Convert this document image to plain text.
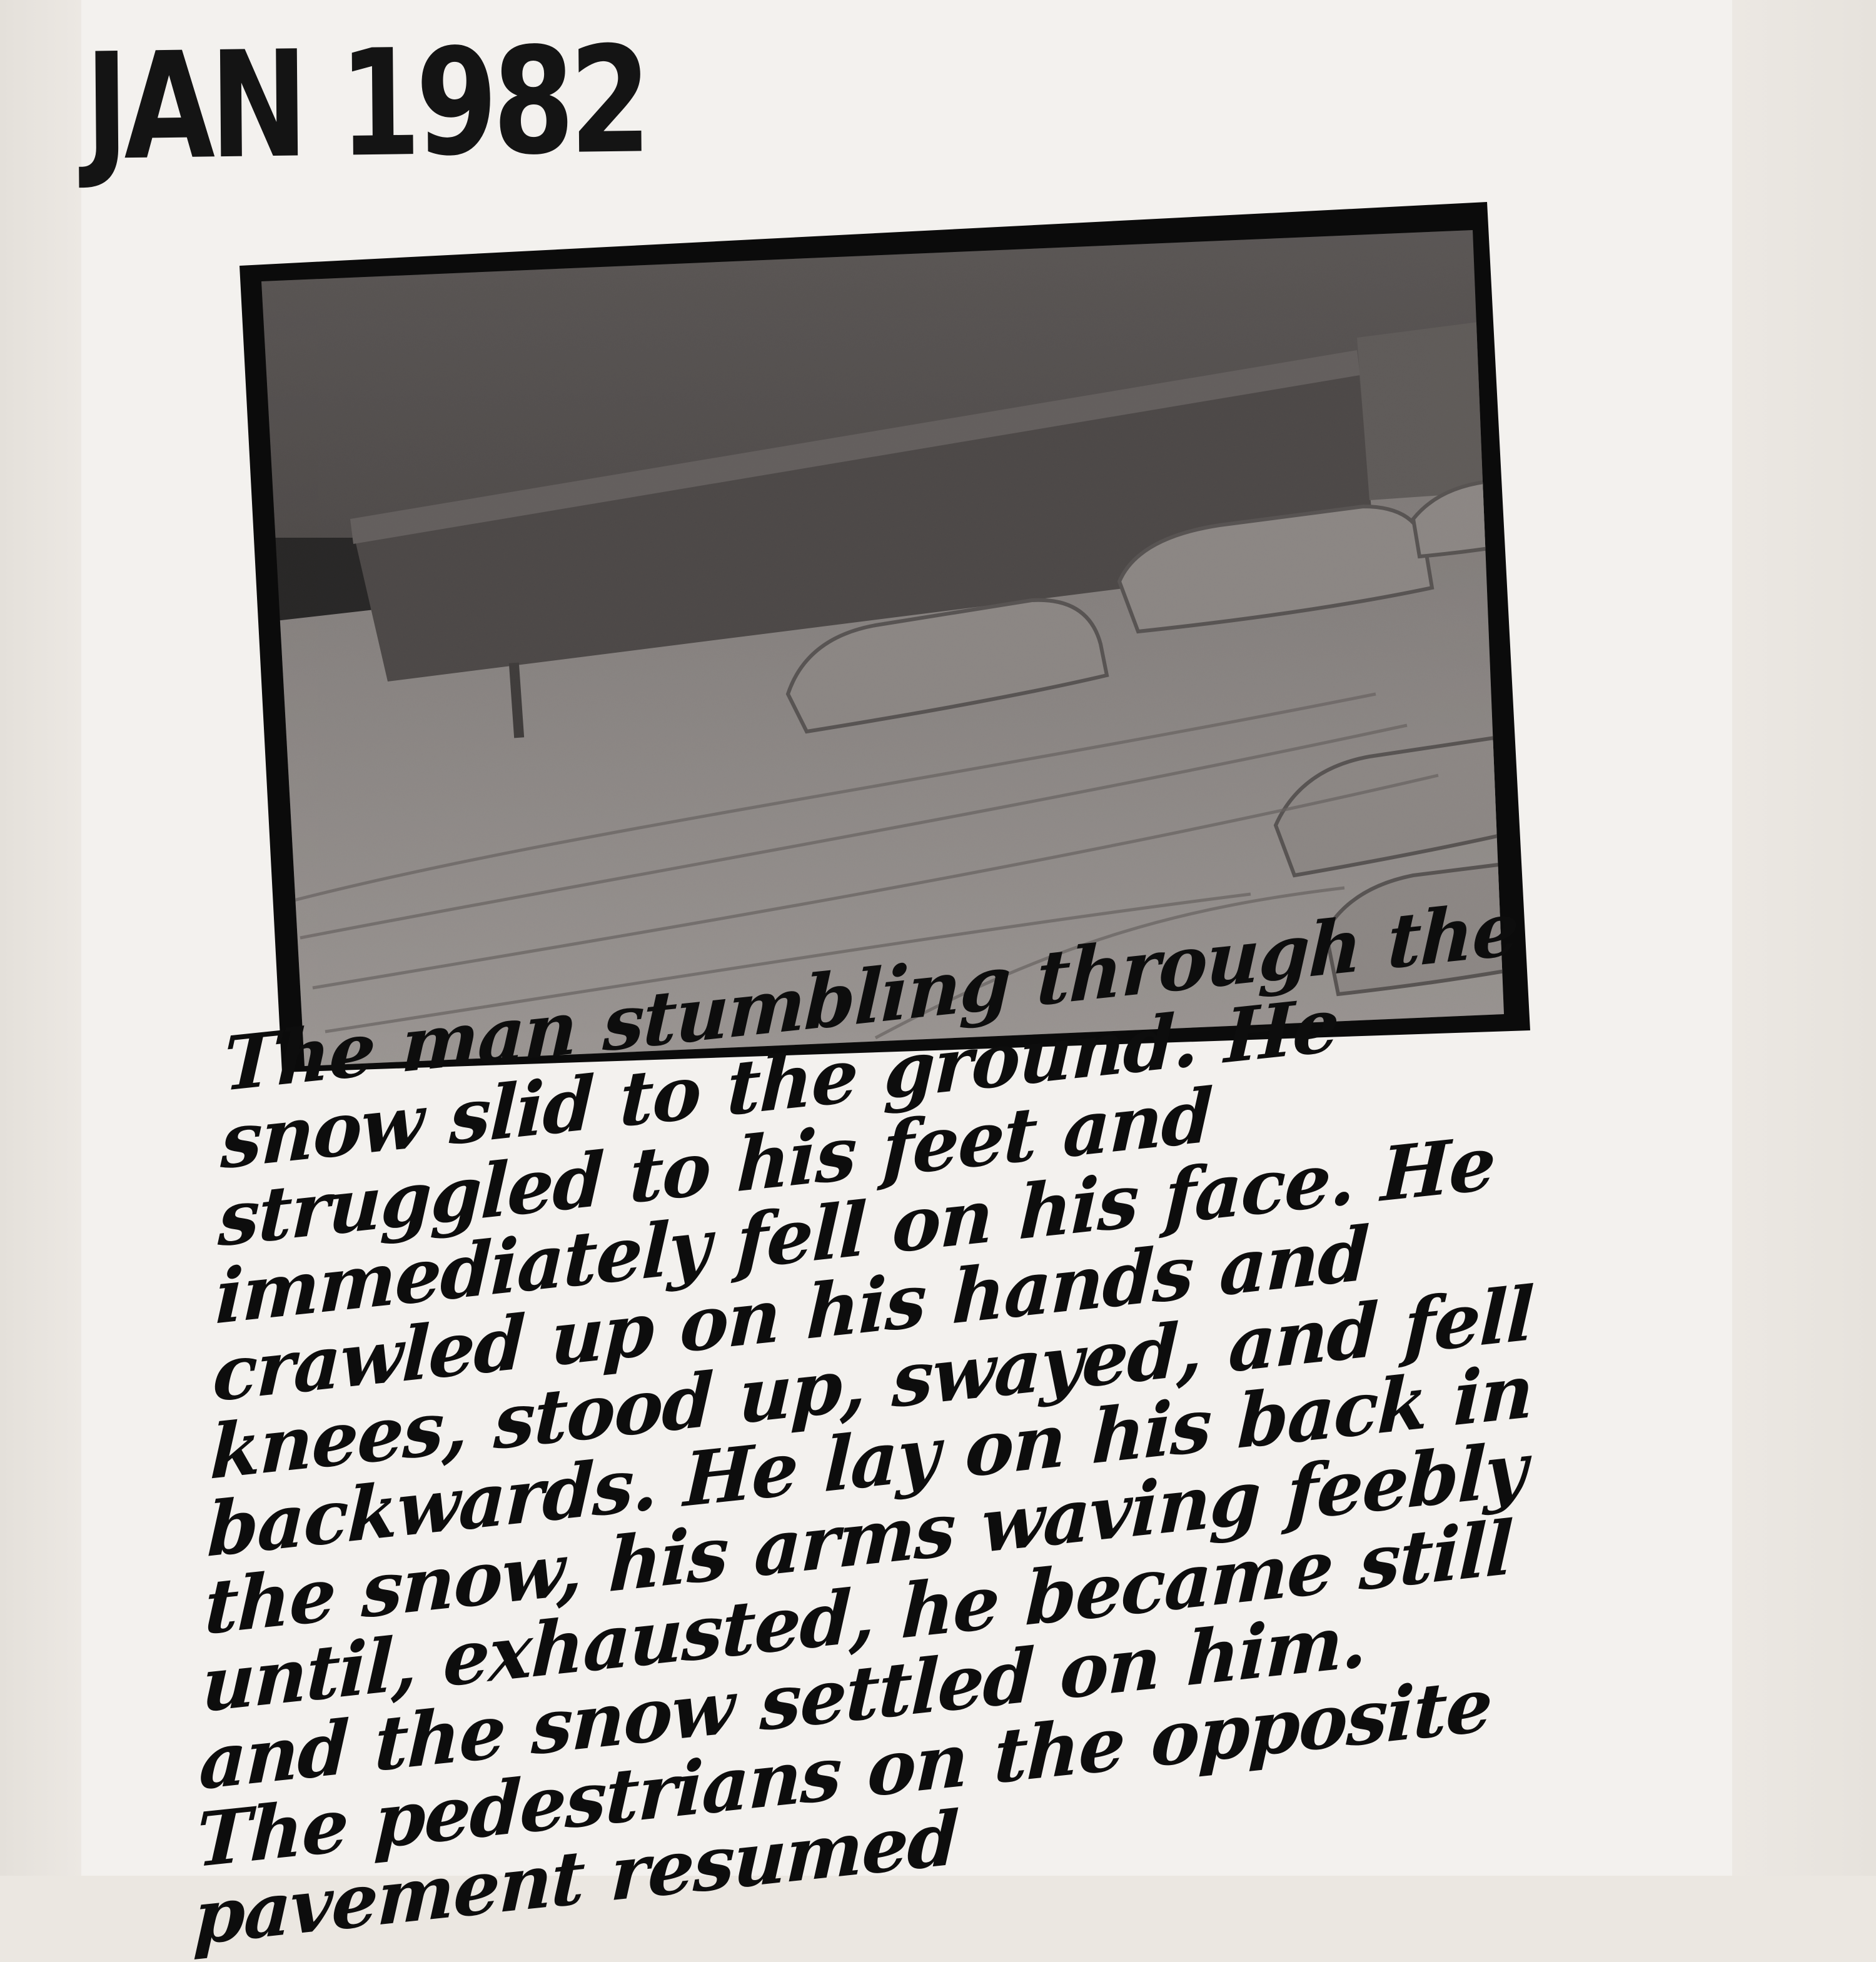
JAN 1982

The man stumbling through the snow slid to the ground. He struggled to his feet and immediately fell on his face. He crawled up on his hands and knees, stood up, swayed, and fell backwards. He lay on his back in the snow, his arms waving feebly until, exhausted, he became still and the snow settled on him. The pedestrians on the opposite pavement resumed
